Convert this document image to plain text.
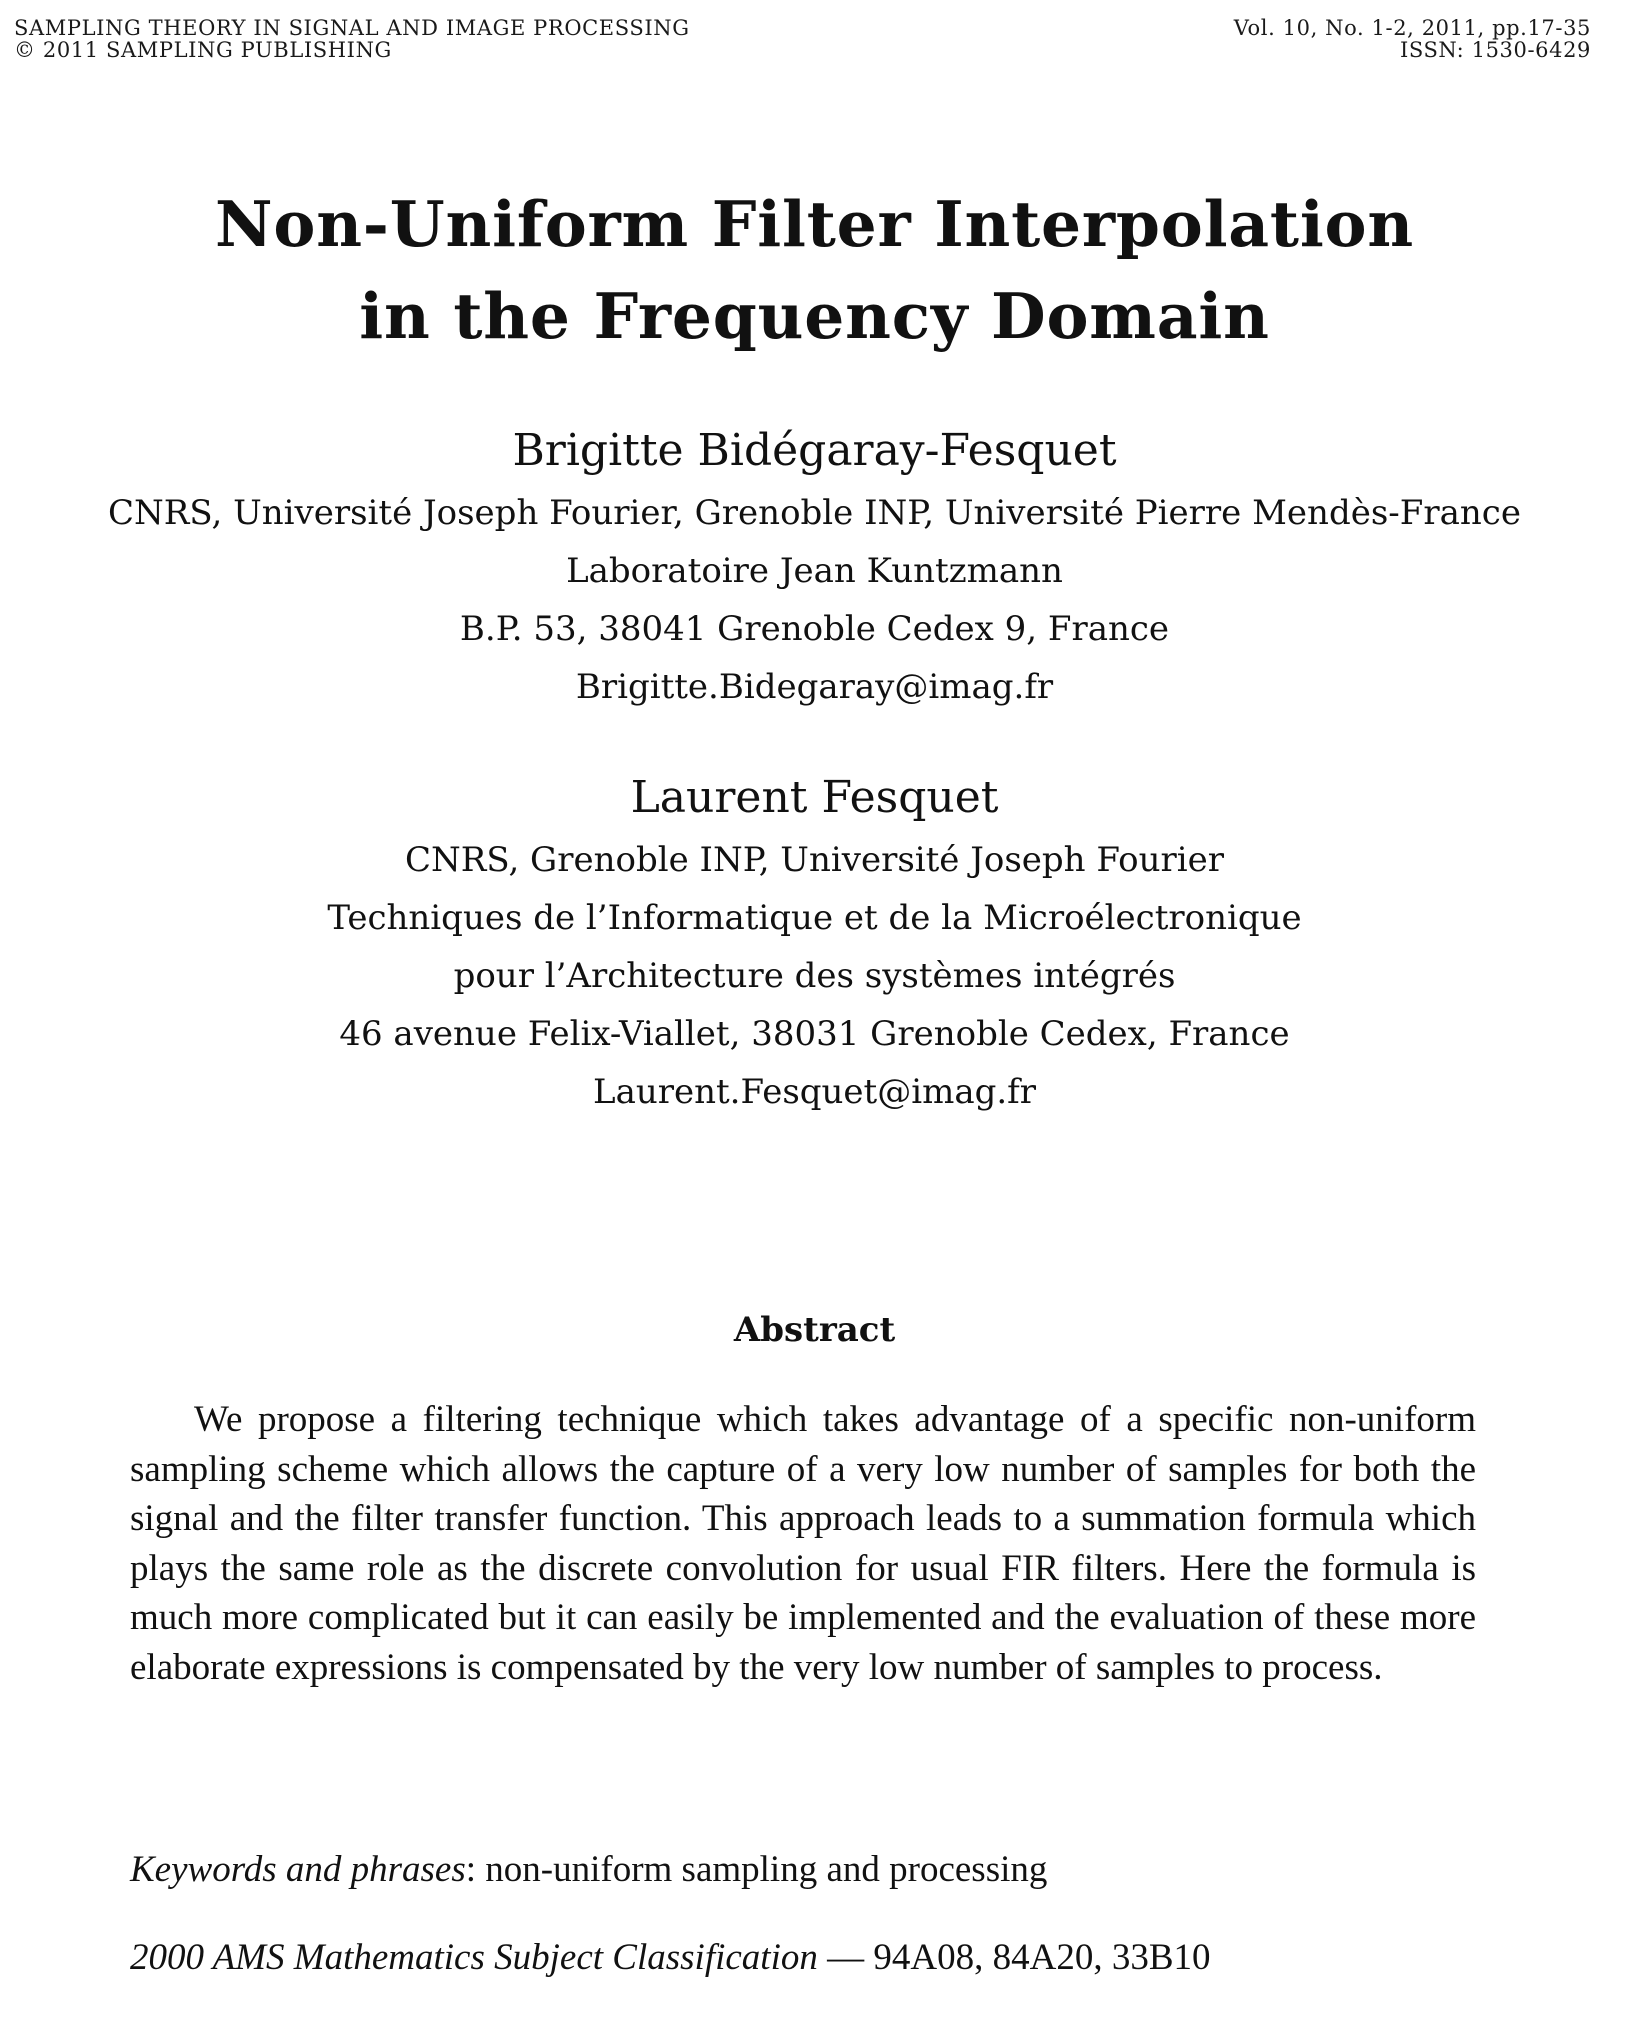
SAMPLING THEORY IN SIGNAL AND IMAGE PROCESSING
© 2011 SAMPLING PUBLISHING
Vol. 10, No. 1-2, 2011, pp.17-35
ISSN: 1530-6429
Non-Uniform Filter Interpolation
in the Frequency Domain
Brigitte Bidégaray-Fesquet
CNRS, Université Joseph Fourier, Grenoble INP, Université Pierre Mendès-France
Laboratoire Jean Kuntzmann
B.P. 53, 38041 Grenoble Cedex 9, France
Brigitte.Bidegaray@imag.fr
Laurent Fesquet
CNRS, Grenoble INP, Université Joseph Fourier
Techniques de l’Informatique et de la Microélectronique
pour l’Architecture des systèmes intégrés
46 avenue Felix-Viallet, 38031 Grenoble Cedex, France
Laurent.Fesquet@imag.fr
Abstract
We propose a filtering technique which takes advantage of a specific non-uniform sampling scheme which allows the capture of a very low number of samples for both the signal and the filter transfer function. This approach leads to a summation formula which plays the same role as the discrete convolution for usual FIR filters. Here the formula is much more complicated but it can easily be implemented and the evaluation of these more elaborate expressions is compensated by the very low number of samples to process.
Keywords and phrases: non-uniform sampling and processing
2000 AMS Mathematics Subject Classification — 94A08, 84A20, 33B10
